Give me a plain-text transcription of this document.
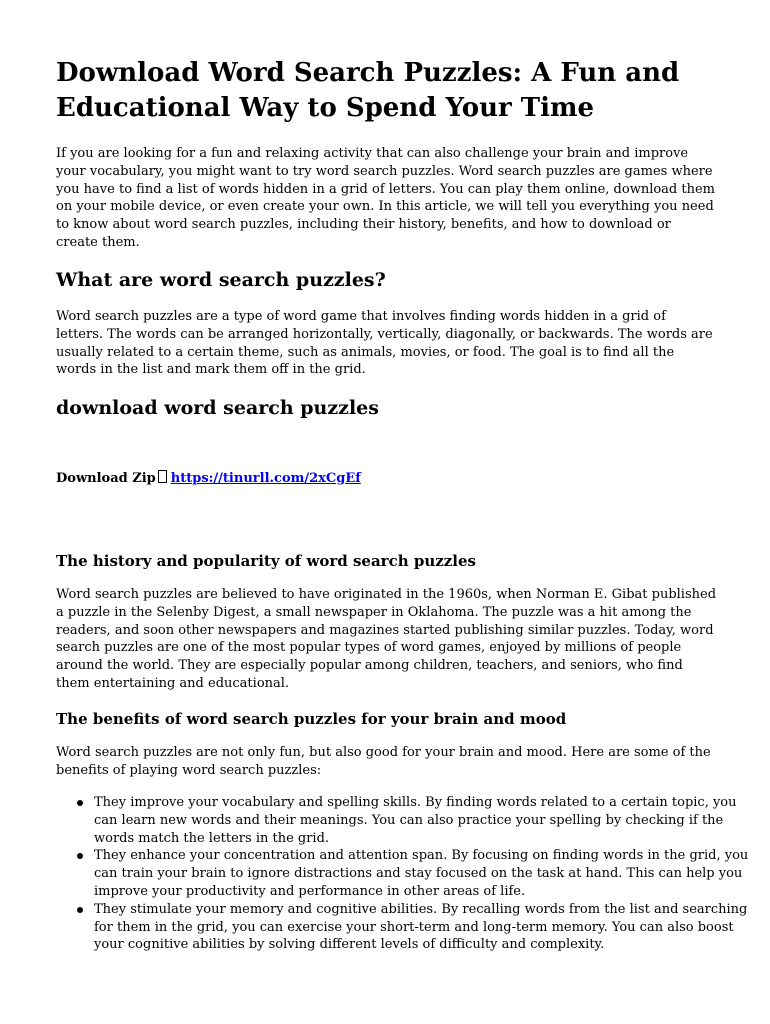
Download Word Search Puzzles: A Fun and Educational Way to Spend Your Time

If you are looking for a fun and relaxing activity that can also challenge your brain and improve your vocabulary, you might want to try word search puzzles. Word search puzzles are games where you have to find a list of words hidden in a grid of letters. You can play them online, download them on your mobile device, or even create your own. In this article, we will tell you everything you need to know about word search puzzles, including their history, benefits, and how to download or create them.

What are word search puzzles?

Word search puzzles are a type of word game that involves finding words hidden in a grid of letters. The words can be arranged horizontally, vertically, diagonally, or backwards. The words are usually related to a certain theme, such as animals, movies, or food. The goal is to find all the words in the list and mark them off in the grid.

download word search puzzles
Download Zip https://tinurll.com/2xCgEf
The history and popularity of word search puzzles

Word search puzzles are believed to have originated in the 1960s, when Norman E. Gibat published a puzzle in the Selenby Digest, a small newspaper in Oklahoma. The puzzle was a hit among the readers, and soon other newspapers and magazines started publishing similar puzzles. Today, word search puzzles are one of the most popular types of word games, enjoyed by millions of people around the world. They are especially popular among children, teachers, and seniors, who find them entertaining and educational.

The benefits of word search puzzles for your brain and mood

Word search puzzles are not only fun, but also good for your brain and mood. Here are some of the benefits of playing word search puzzles:

They improve your vocabulary and spelling skills. By finding words related to a certain topic, you can learn new words and their meanings. You can also practice your spelling by checking if the words match the letters in the grid.
They enhance your concentration and attention span. By focusing on finding words in the grid, you can train your brain to ignore distractions and stay focused on the task at hand. This can help you improve your productivity and performance in other areas of life.
They stimulate your memory and cognitive abilities. By recalling words from the list and searching for them in the grid, you can exercise your short-term and long-term memory. You can also boost your cognitive abilities by solving different levels of difficulty and complexity.
